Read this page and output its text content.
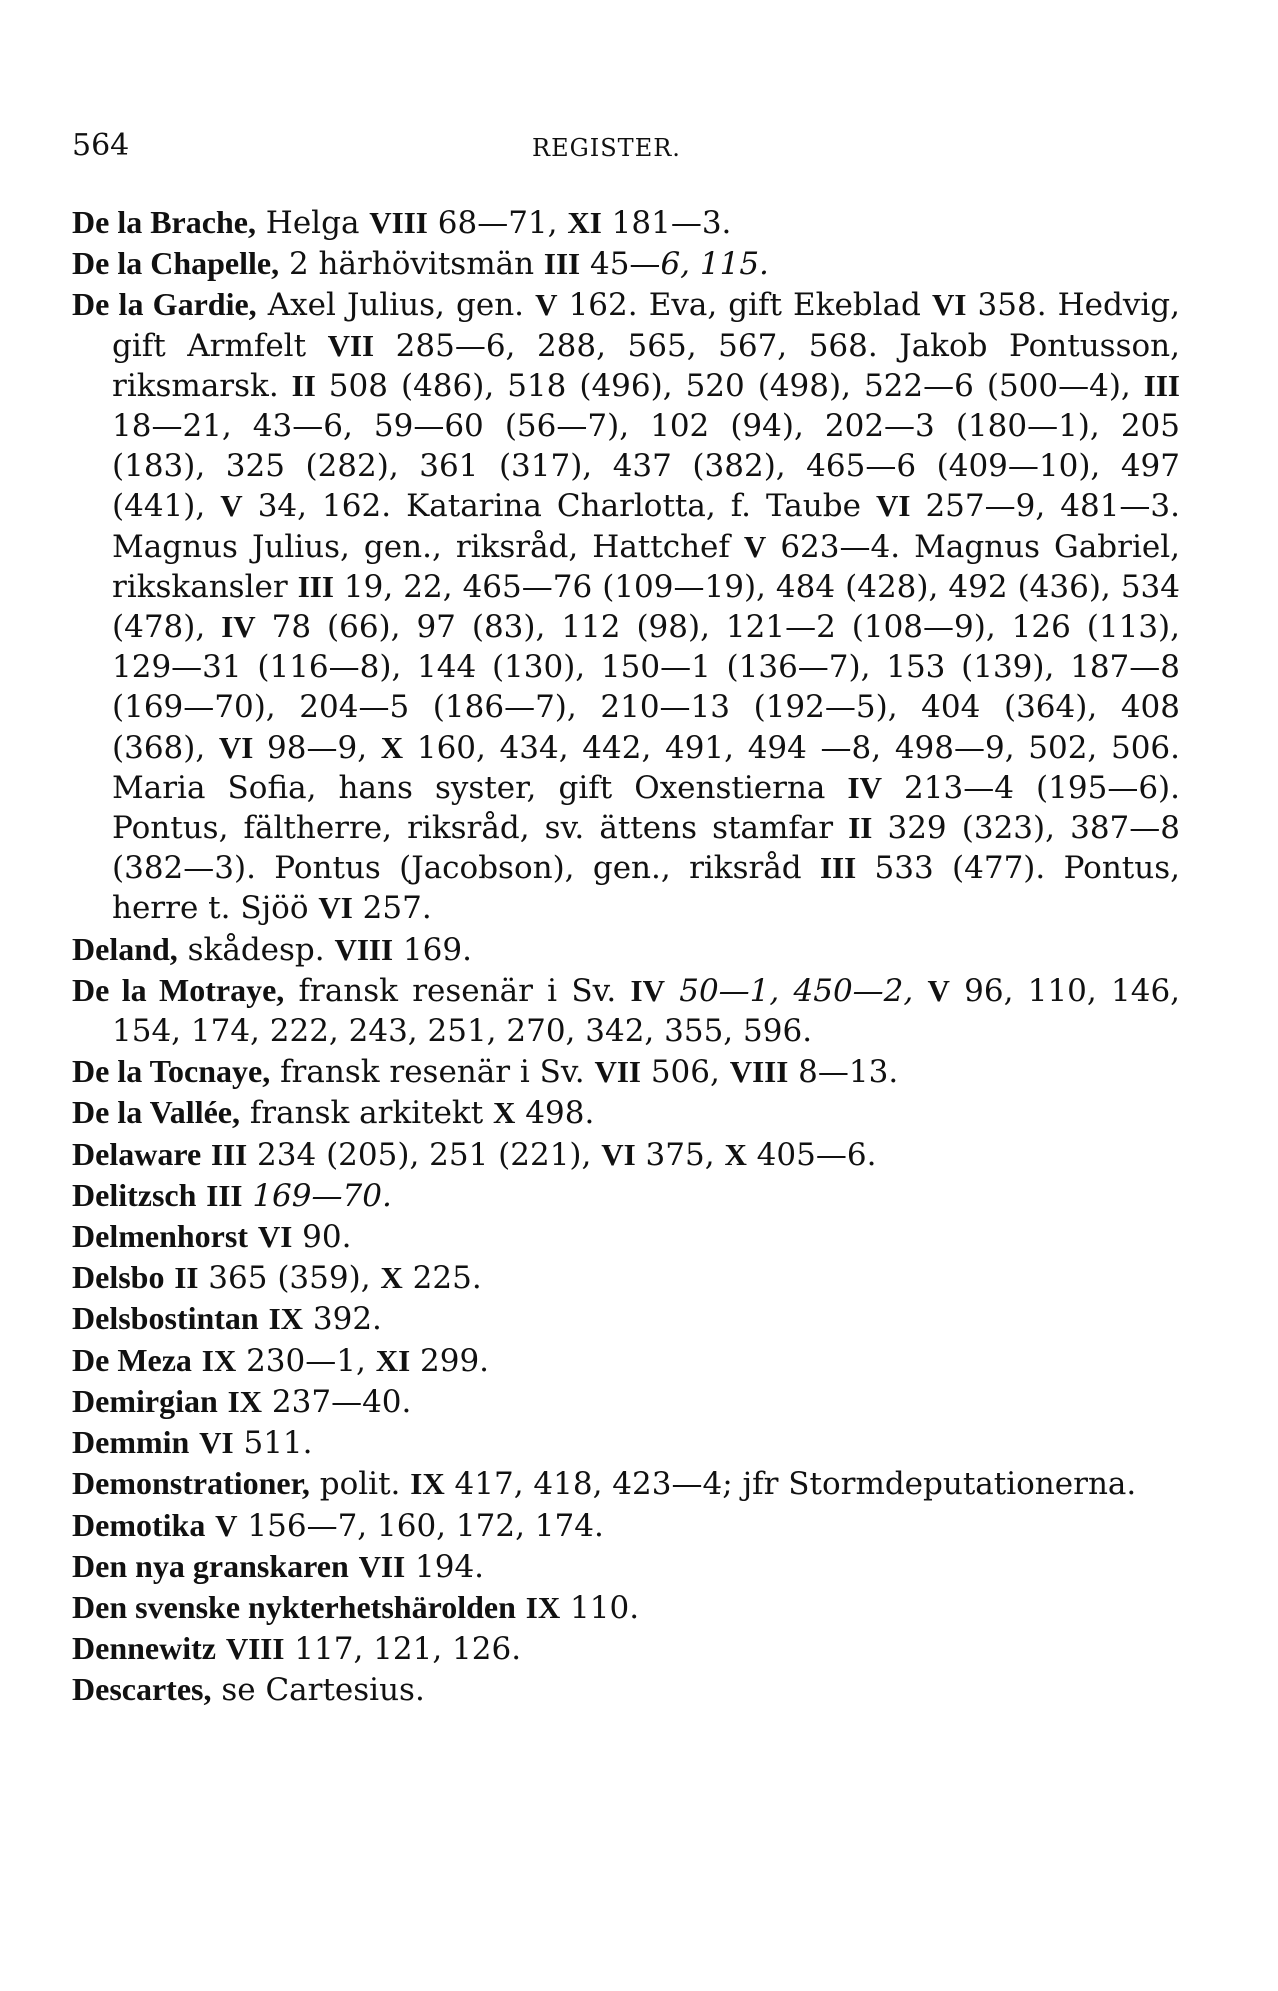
564	REGISTER.
De la Brache, Helga VIII 68—71, XI 181—3.
De la Chapelle, 2 härhövitsmän III 45—6, 115.
De la Gardie, Axel Julius, gen. V 162. Eva, gift Ekeblad VI 358. Hedvig, gift Armfelt VII 285—6, 288, 565, 567, 568. Jakob Pontusson, riksmarsk. II 508 (486), 518 (496), 520 (498), 522—6 (500—4), III 18—21, 43—6, 59—60 (56—7), 102 (94), 202—3 (180—1), 205 (183), 325 (282), 361 (317), 437 (382), 465—6 (409—10), 497 (441), V 34, 162. Katarina Charlotta, f. Taube VI 257—9, 481—3. Magnus Julius, gen., riksråd, Hattchef V 623—4. Magnus Gabriel, rikskansler III 19, 22, 465—76 (109—19), 484 (428), 492 (436), 534 (478), IV 78 (66), 97 (83), 112 (98), 121—2 (108—9), 126 (113), 129—31 (116—8), 144 (130), 150—1 (136—7), 153 (139), 187—8 (169—70), 204—5 (186—7), 210—13 (192—5), 404 (364), 408 (368), VI 98—9, X 160, 434, 442, 491, 494 —8, 498—9, 502, 506. Maria Sofia, hans syster, gift Oxenstierna IV 213—4 (195—6). Pontus, fältherre, riksråd, sv. ättens stamfar II 329 (323), 387—8 (382—3). Pontus (Jacobson), gen., riksråd III 533 (477). Pontus, herre t. Sjöö VI 257.
Deland, skådesp. VIII 169.
De la Motraye, fransk resenär i Sv. IV 50—1, 450—2, V 96, 110, 146, 154, 174, 222, 243, 251, 270, 342, 355, 596.
De la Tocnaye, fransk resenär i Sv. VII 506, VIII 8—13.
De la Vallée, fransk arkitekt X 498.
Delaware III 234 (205), 251 (221), VI 375, X 405—6.
Delitzsch III 169—70.
Delmenhorst VI 90.
Delsbo II 365 (359), X 225.
Delsbostintan IX 392.
De Meza IX 230—1, XI 299.
Demirgian IX 237—40.
Demmin VI 511.
Demonstrationer, polit. IX 417, 418, 423—4; jfr Stormdeputationerna.
Demotika V 156—7, 160, 172, 174.
Den nya granskaren VII 194.
Den svenske nykterhetshärolden IX 110.
Dennewitz VIII 117, 121, 126.
Descartes, se Cartesius.
